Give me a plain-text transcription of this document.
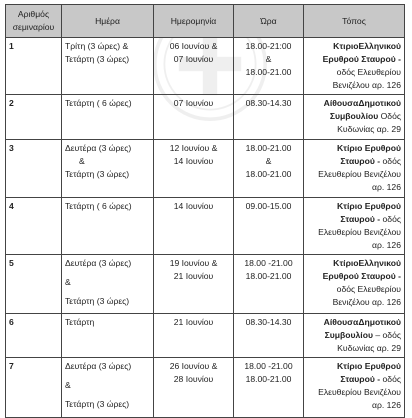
Αριθμός
σεμιναρίου	Ημέρα	Ημερομηνία	Ώρα	Τόπος

1	Τρίτη (3 ώρες) &
Τετάρτη (3 ώρες)	06 Ιουνίου &
07 Ιουνίου	18.00-21:00
&
18.00-21.00	ΚτιριοΕλληνικού
Ερυθρού Σταυρού -
οδός Ελευθερίου
Βενιζέλου αρ. 126

2	Τετάρτη ( 6 ώρες)	07 Ιουνίου	08.30-14.30	ΑίθουσαΔημοτικού
Συμβουλίου Οδός
Κυδωνίας αρ. 29

3	Δευτέρα (3 ώρες)
&
Τετάρτη (3 ώρες)	12 Ιουνίου &
14 Ιουνίου	18.00-21.00
&
18.00-21.00	Κτίριο Ερυθρού
Σταυρού - οδός
Ελευθερίου Βενιζέλου
αρ. 126

4	Τετάρτη ( 6 ώρες)	14 Ιουνίου	09.00-15.00	Κτίριο Ερυθρού
Σταυρού - οδός
Ελευθερίου Βενιζέλου
αρ. 126

5	Δευτέρα (3 ώρες)
&
Τετάρτη (3 ώρες)	19 Ιουνίου &
21 Ιουνίου	18.00 -21.00
18.00-21.00	ΚτίριοΕλληνικού
Ερυθρού Σταυρού -
οδός Ελευθερίου
Βενιζέλου αρ. 126

6	Τετάρτη	21 Ιουνίου	08.30-14.30	ΑίθουσαΔημοτικού
Συμβουλίου – οδός
Κυδωνίας αρ. 29

7	Δευτέρα (3 ώρες)
&
Τετάρτη (3 ώρες)	26 Ιουνίου &
28 Ιουνίου	18.00 -21.00
18.00-21.00	Κτίριο Ερυθρού
Σταυρού - οδός
Ελευθερίου Βενιζέλου
αρ. 126
